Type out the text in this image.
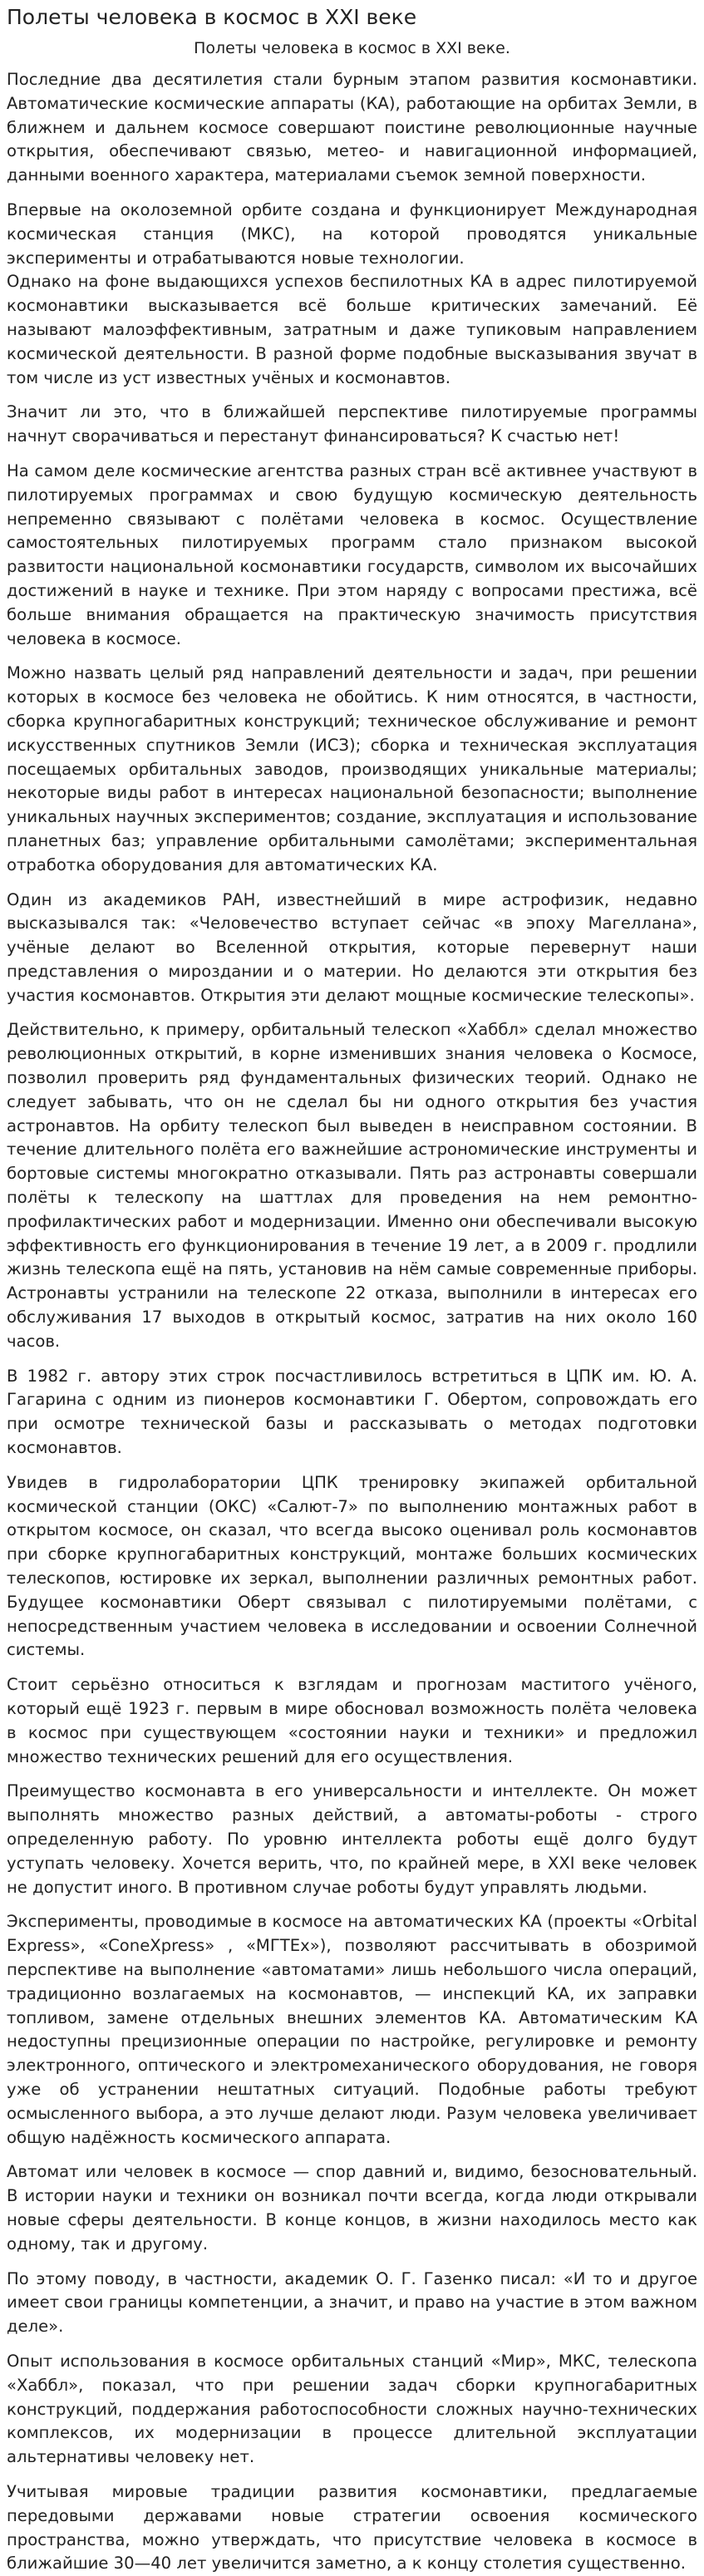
Полеты человека в космос в XXI веке
Полеты человека в космос в XXI веке.

Последние два десятилетия стали бурным этапом развития космонавтики. Автоматические космические аппараты (КА), работающие на орбитах Земли, в ближнем и дальнем космосе совершают поистине революционные научные открытия, обеспечивают связью, метео- и навигационной информацией, данными военного характера, материалами съемок земной поверхности.

Впервые на околоземной орбите создана и функционирует Международная космическая станция (МКС), на которой проводятся уникальные эксперименты и отрабатываются новые технологии.
Однако на фоне выдающихся успехов беспилотных КА в адрес пилотируемой космонавтики высказывается всё больше критических замечаний. Её называют малоэффективным, затратным и даже тупиковым направлением космической деятельности. В разной форме подобные высказывания звучат в том числе из уст известных учёных и космонавтов.

Значит ли это, что в ближайшей перспективе пилотируемые программы начнут сворачиваться и перестанут финансироваться? К счастью нет!

На самом деле космические агентства разных стран всё активнее участвуют в пилотируемых программах и свою будущую космическую деятельность непременно связывают с полётами человека в космос. Осуществление самостоятельных пилотируемых программ стало признаком высокой развитости национальной космонавтики государств, символом их высочайших достижений в науке и технике. При этом наряду с вопросами престижа, всё больше внимания обращается на практическую значимость присутствия человека в космосе.

Можно назвать целый ряд направлений деятельности и задач, при решении которых в космосе без человека не обойтись. К ним относятся, в частности, сборка крупногабаритных конструкций; техническое обслуживание и ремонт искусственных спутников Земли (ИСЗ); сборка и техническая эксплуатация посещаемых орбитальных заводов, производящих уникальные материалы; некоторые виды работ в интересах национальной безопасности; выполнение уникальных научных экспериментов; создание, эксплуатация и использование планетных баз; управление орбитальными самолётами; экспериментальная отработка оборудования для автоматических КА.

Один из академиков РАН, известнейший в мире астрофизик, недавно высказывался так: «Человечество вступает сейчас «в эпоху Магеллана», учёные делают во Вселенной открытия, которые перевернут наши представления о мироздании и о материи. Но делаются эти открытия без участия космонавтов. Открытия эти делают мощные космические телескопы».

Действительно, к примеру, орбитальный телескоп «Хаббл» сделал множество революционных открытий, в корне изменивших знания человека о Космосе, позволил проверить ряд фундаментальных физических теорий. Однако не следует забывать, что он не сделал бы ни одного открытия без участия астронавтов. На орбиту телескоп был выведен в неисправном состоянии. В течение длительного полёта его важнейшие астрономические инструменты и бортовые системы многократно отказывали. Пять раз астронавты совершали полёты к телескопу на шаттлах для проведения на нем ремонтно-профилактических работ и модернизации. Именно они обеспечивали высокую эффективность его функционирования в течение 19 лет, а в 2009 г. продлили жизнь телескопа ещё на пять, установив на нём самые современные приборы. Астронавты устранили на телескопе 22 отказа, выполнили в интересах его обслуживания 17 выходов в открытый космос, затратив на них около 160 часов.

В 1982 г. автору этих строк посчастливилось встретиться в ЦПК им. Ю. А. Гагарина с одним из пионеров космонавтики Г. Обертом, сопровождать его при осмотре технической базы и рассказывать о методах подготовки космонавтов.

Увидев в гидролаборатории ЦПК тренировку экипажей орбитальной космической станции (ОКС) «Салют-7» по выполнению монтажных работ в открытом космосе, он сказал, что всегда высоко оценивал роль космонавтов при сборке крупногабаритных конструкций, монтаже больших космических телескопов, юстировке их зеркал, выполнении различных ремонтных работ. Будущее космонавтики Оберт связывал с пилотируемыми полётами, с непосредственным участием человека в исследовании и освоении Солнечной системы.

Стоит серьёзно относиться к взглядам и прогнозам маститого учёного, который ещё 1923 г. первым в мире обосновал возможность полёта человека в космос при существующем «состоянии науки и техники» и предложил множество технических решений для его осуществления.

Преимущество космонавта в его универсальности и интеллекте. Он может выполнять множество разных действий, а автоматы-роботы - строго определенную работу. По уровню интеллекта роботы ещё долго будут уступать человеку. Хочется верить, что, по крайней мере, в XXI веке человек не допустит иного. В противном случае роботы будут управлять людьми.

Эксперименты, проводимые в космосе на автоматических КА (проекты «Orbital Express», «ConeXpress» , «МГТЕх»), позволяют рассчитывать в обозримой перспективе на выполнение «автоматами» лишь небольшого числа операций, традиционно возлагаемых на космонавтов, — инспекций КА, их заправки топливом, замене отдельных внешних элементов КА. Автоматическим КА недоступны прецизионные операции по настройке, регулировке и ремонту электронного, оптического и электромеханического оборудования, не говоря уже об устранении нештатных ситуаций. Подобные работы требуют осмысленного выбора, а это лучше делают люди. Разум человека увеличивает общую надёжность космического аппарата.

Автомат или человек в космосе — спор давний и, видимо, безосновательный. В истории науки и техники он возникал почти всегда, когда люди открывали новые сферы деятельности. В конце концов, в жизни находилось место как одному, так и другому.

По этому поводу, в частности, академик О. Г. Газенко писал: «И то и другое имеет свои границы компетенции, а значит, и право на участие в этом важном деле».

Опыт использования в космосе орбитальных станций «Мир», МКС, телескопа «Хаббл», показал, что при решении задач сборки крупногабаритных конструкций, поддержания работоспособности сложных научно-технических комплексов, их модернизации в процессе длительной эксплуатации альтернативы человеку нет.

Учитывая мировые традиции развития космонавтики, предлагаемые передовыми державами новые стратегии освоения космического пространства, можно утверждать, что присутствие человека в космосе в ближайшие 30—40 лет увеличится заметно, а к концу столетия существенно.
